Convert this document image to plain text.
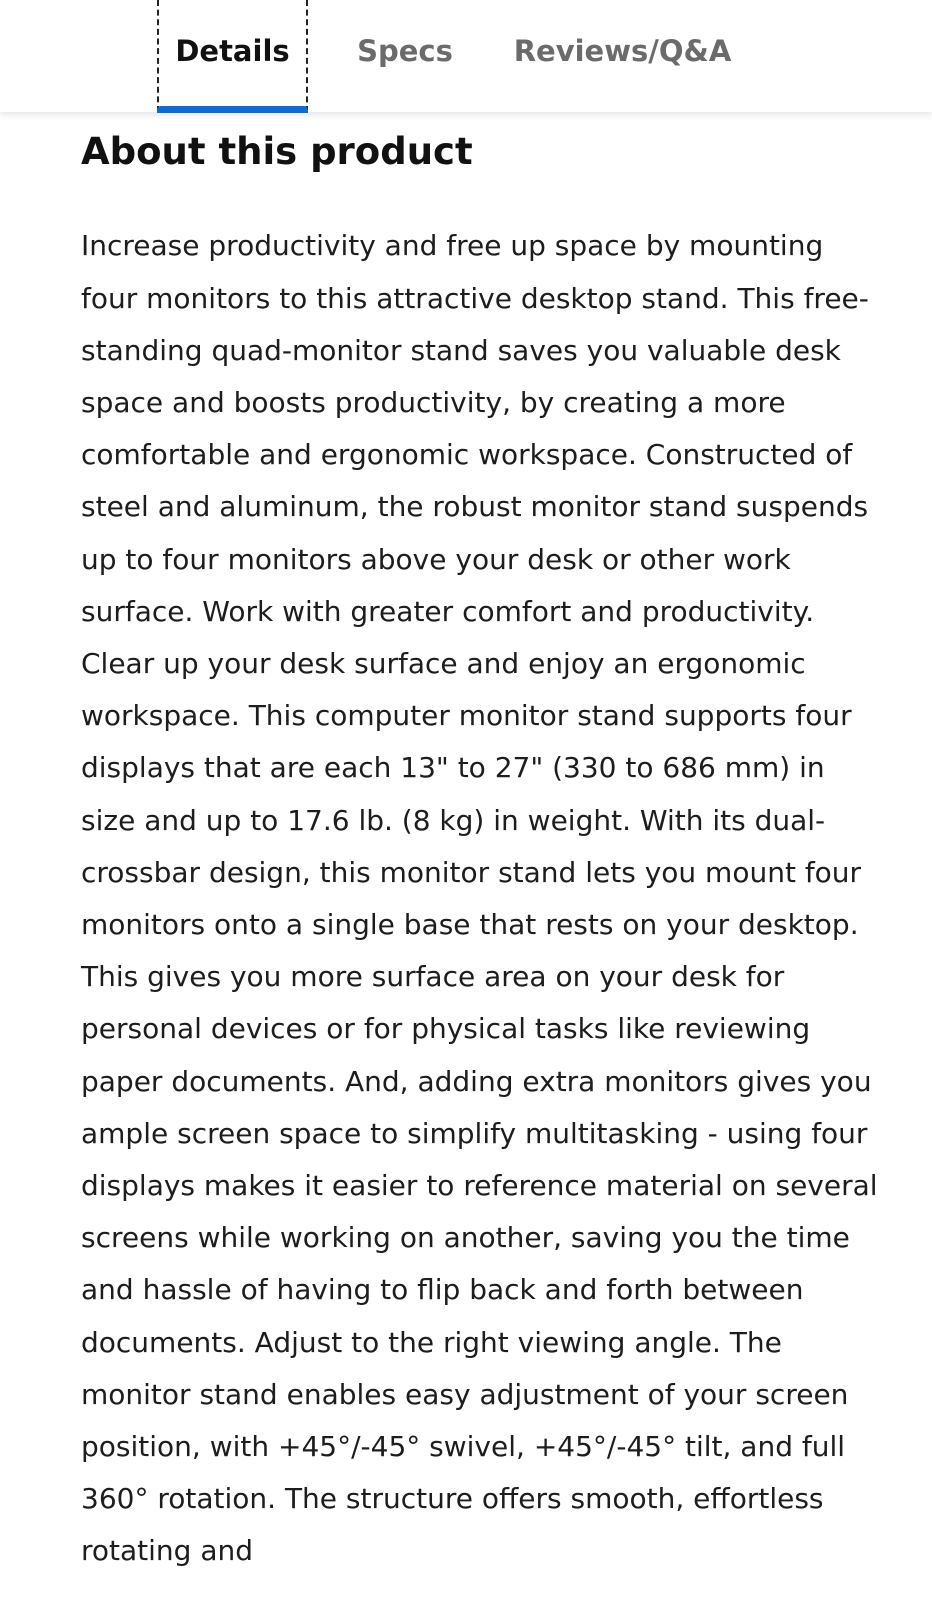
Details	Specs	Reviews/Q&A
About this product

Increase productivity and free up space by mounting four monitors to this attractive desktop stand. This free-standing quad-monitor stand saves you valuable desk space and boosts productivity, by creating a more comfortable and ergonomic workspace. Constructed of steel and aluminum, the robust monitor stand suspends up to four monitors above your desk or other work surface. Work with greater comfort and productivity. Clear up your desk surface and enjoy an ergonomic workspace. This computer monitor stand supports four displays that are each 13" to 27" (330 to 686 mm) in size and up to 17.6 lb. (8 kg) in weight. With its dual-crossbar design, this monitor stand lets you mount four monitors onto a single base that rests on your desktop. This gives you more surface area on your desk for personal devices or for physical tasks like reviewing paper documents. And, adding extra monitors gives you ample screen space to simplify multitasking - using four displays makes it easier to reference material on several screens while working on another, saving you the time and hassle of having to flip back and forth between documents. Adjust to the right viewing angle. The monitor stand enables easy adjustment of your screen position, with +45°/-45° swivel, +45°/-45° tilt, and full 360° rotation. The structure offers smooth, effortless rotating and
